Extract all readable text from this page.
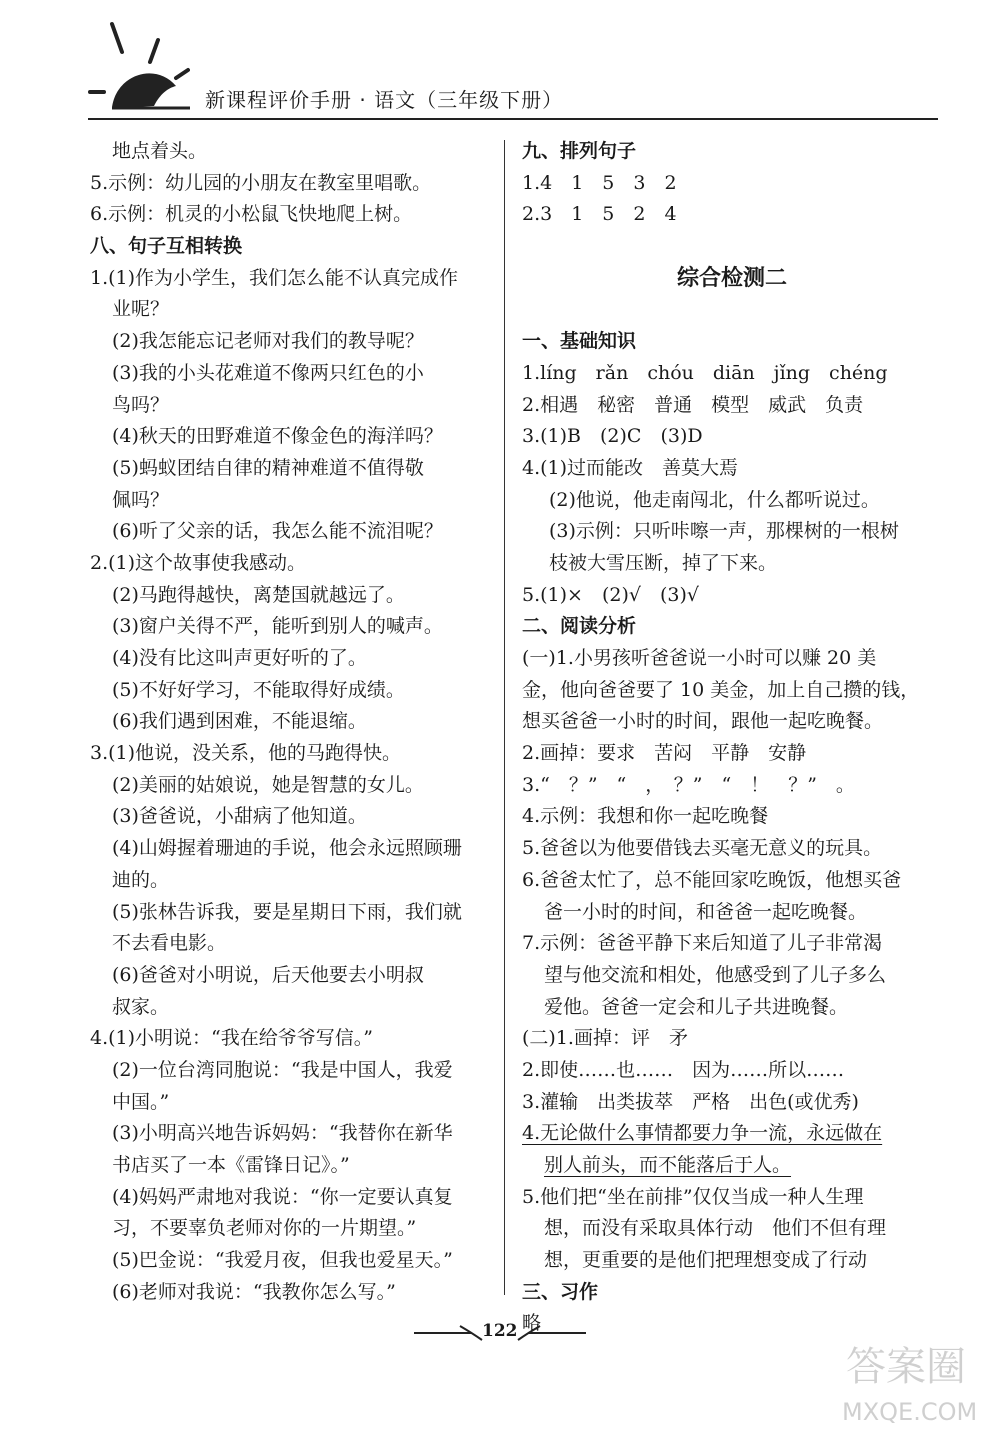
新课程评价手册 · 语文（三年级下册）
地点着头。
5.示例：幼儿园的小朋友在教室里唱歌。
6.示例：机灵的小松鼠飞快地爬上树。
八、句子互相转换
1.(1)作为小学生，我们怎么能不认真完成作
业呢？
(2)我怎能忘记老师对我们的教导呢？
(3)我的小头花难道不像两只红色的小
鸟吗？
(4)秋天的田野难道不像金色的海洋吗？
(5)蚂蚁团结自律的精神难道不值得敬
佩吗？
(6)听了父亲的话，我怎么能不流泪呢？
2.(1)这个故事使我感动。
(2)马跑得越快，离楚国就越远了。
(3)窗户关得不严，能听到别人的喊声。
(4)没有比这叫声更好听的了。
(5)不好好学习，不能取得好成绩。
(6)我们遇到困难，不能退缩。
3.(1)他说，没关系，他的马跑得快。
(2)美丽的姑娘说，她是智慧的女儿。
(3)爸爸说，小甜病了他知道。
(4)山姆握着珊迪的手说，他会永远照顾珊
迪的。
(5)张林告诉我，要是星期日下雨，我们就
不去看电影。
(6)爸爸对小明说，后天他要去小明叔
叔家。
4.(1)小明说：“我在给爷爷写信。”
(2)一位台湾同胞说：“我是中国人，我爱
中国。”
(3)小明高兴地告诉妈妈：“我替你在新华
书店买了一本《雷锋日记》。”
(4)妈妈严肃地对我说：“你一定要认真复
习，不要辜负老师对你的一片期望。”
(5)巴金说：“我爱月夜，但我也爱星天。”
(6)老师对我说：“我教你怎么写。”
九、排列句子
1.4　1　5　3　2
2.3　1　5　2　4
综合检测二
一、基础知识
1.líng　rǎn　chóu　diān　jǐng　chéng
2.相遇　秘密　普通　模型　威武　负责
3.(1)B　(2)C　(3)D
4.(1)过而能改　善莫大焉
(2)他说，他走南闯北，什么都听说过。
(3)示例：只听咔嚓一声，那棵树的一根树
枝被大雪压断，掉了下来。
5.(1)×　(2)√　(3)√
二、阅读分析
(一)1.小男孩听爸爸说一小时可以赚 20 美
金，他向爸爸要了 10 美金，加上自己攒的钱，
想买爸爸一小时的时间，跟他一起吃晚餐。
2.画掉：要求　苦闷　平静　安静
3.“　？”　“　，　？”　“　！　？”　。
4.示例：我想和你一起吃晚餐
5.爸爸以为他要借钱去买毫无意义的玩具。
6.爸爸太忙了，总不能回家吃晚饭，他想买爸
爸一小时的时间，和爸爸一起吃晚餐。
7.示例：爸爸平静下来后知道了儿子非常渴
望与他交流和相处，他感受到了儿子多么
爱他。爸爸一定会和儿子共进晚餐。
(二)1.画掉：评　矛
2.即使……也……　因为……所以……
3.灌输　出类拔萃　严格　出色(或优秀)
4.无论做什么事情都要力争一流，永远做在
别人前头，而不能落后于人。
5.他们把“坐在前排”仅仅当成一种人生理
想，而没有采取具体行动　他们不但有理
想，更重要的是他们把理想变成了行动
三、习作
略
122
答案圈
MXQE.COM
